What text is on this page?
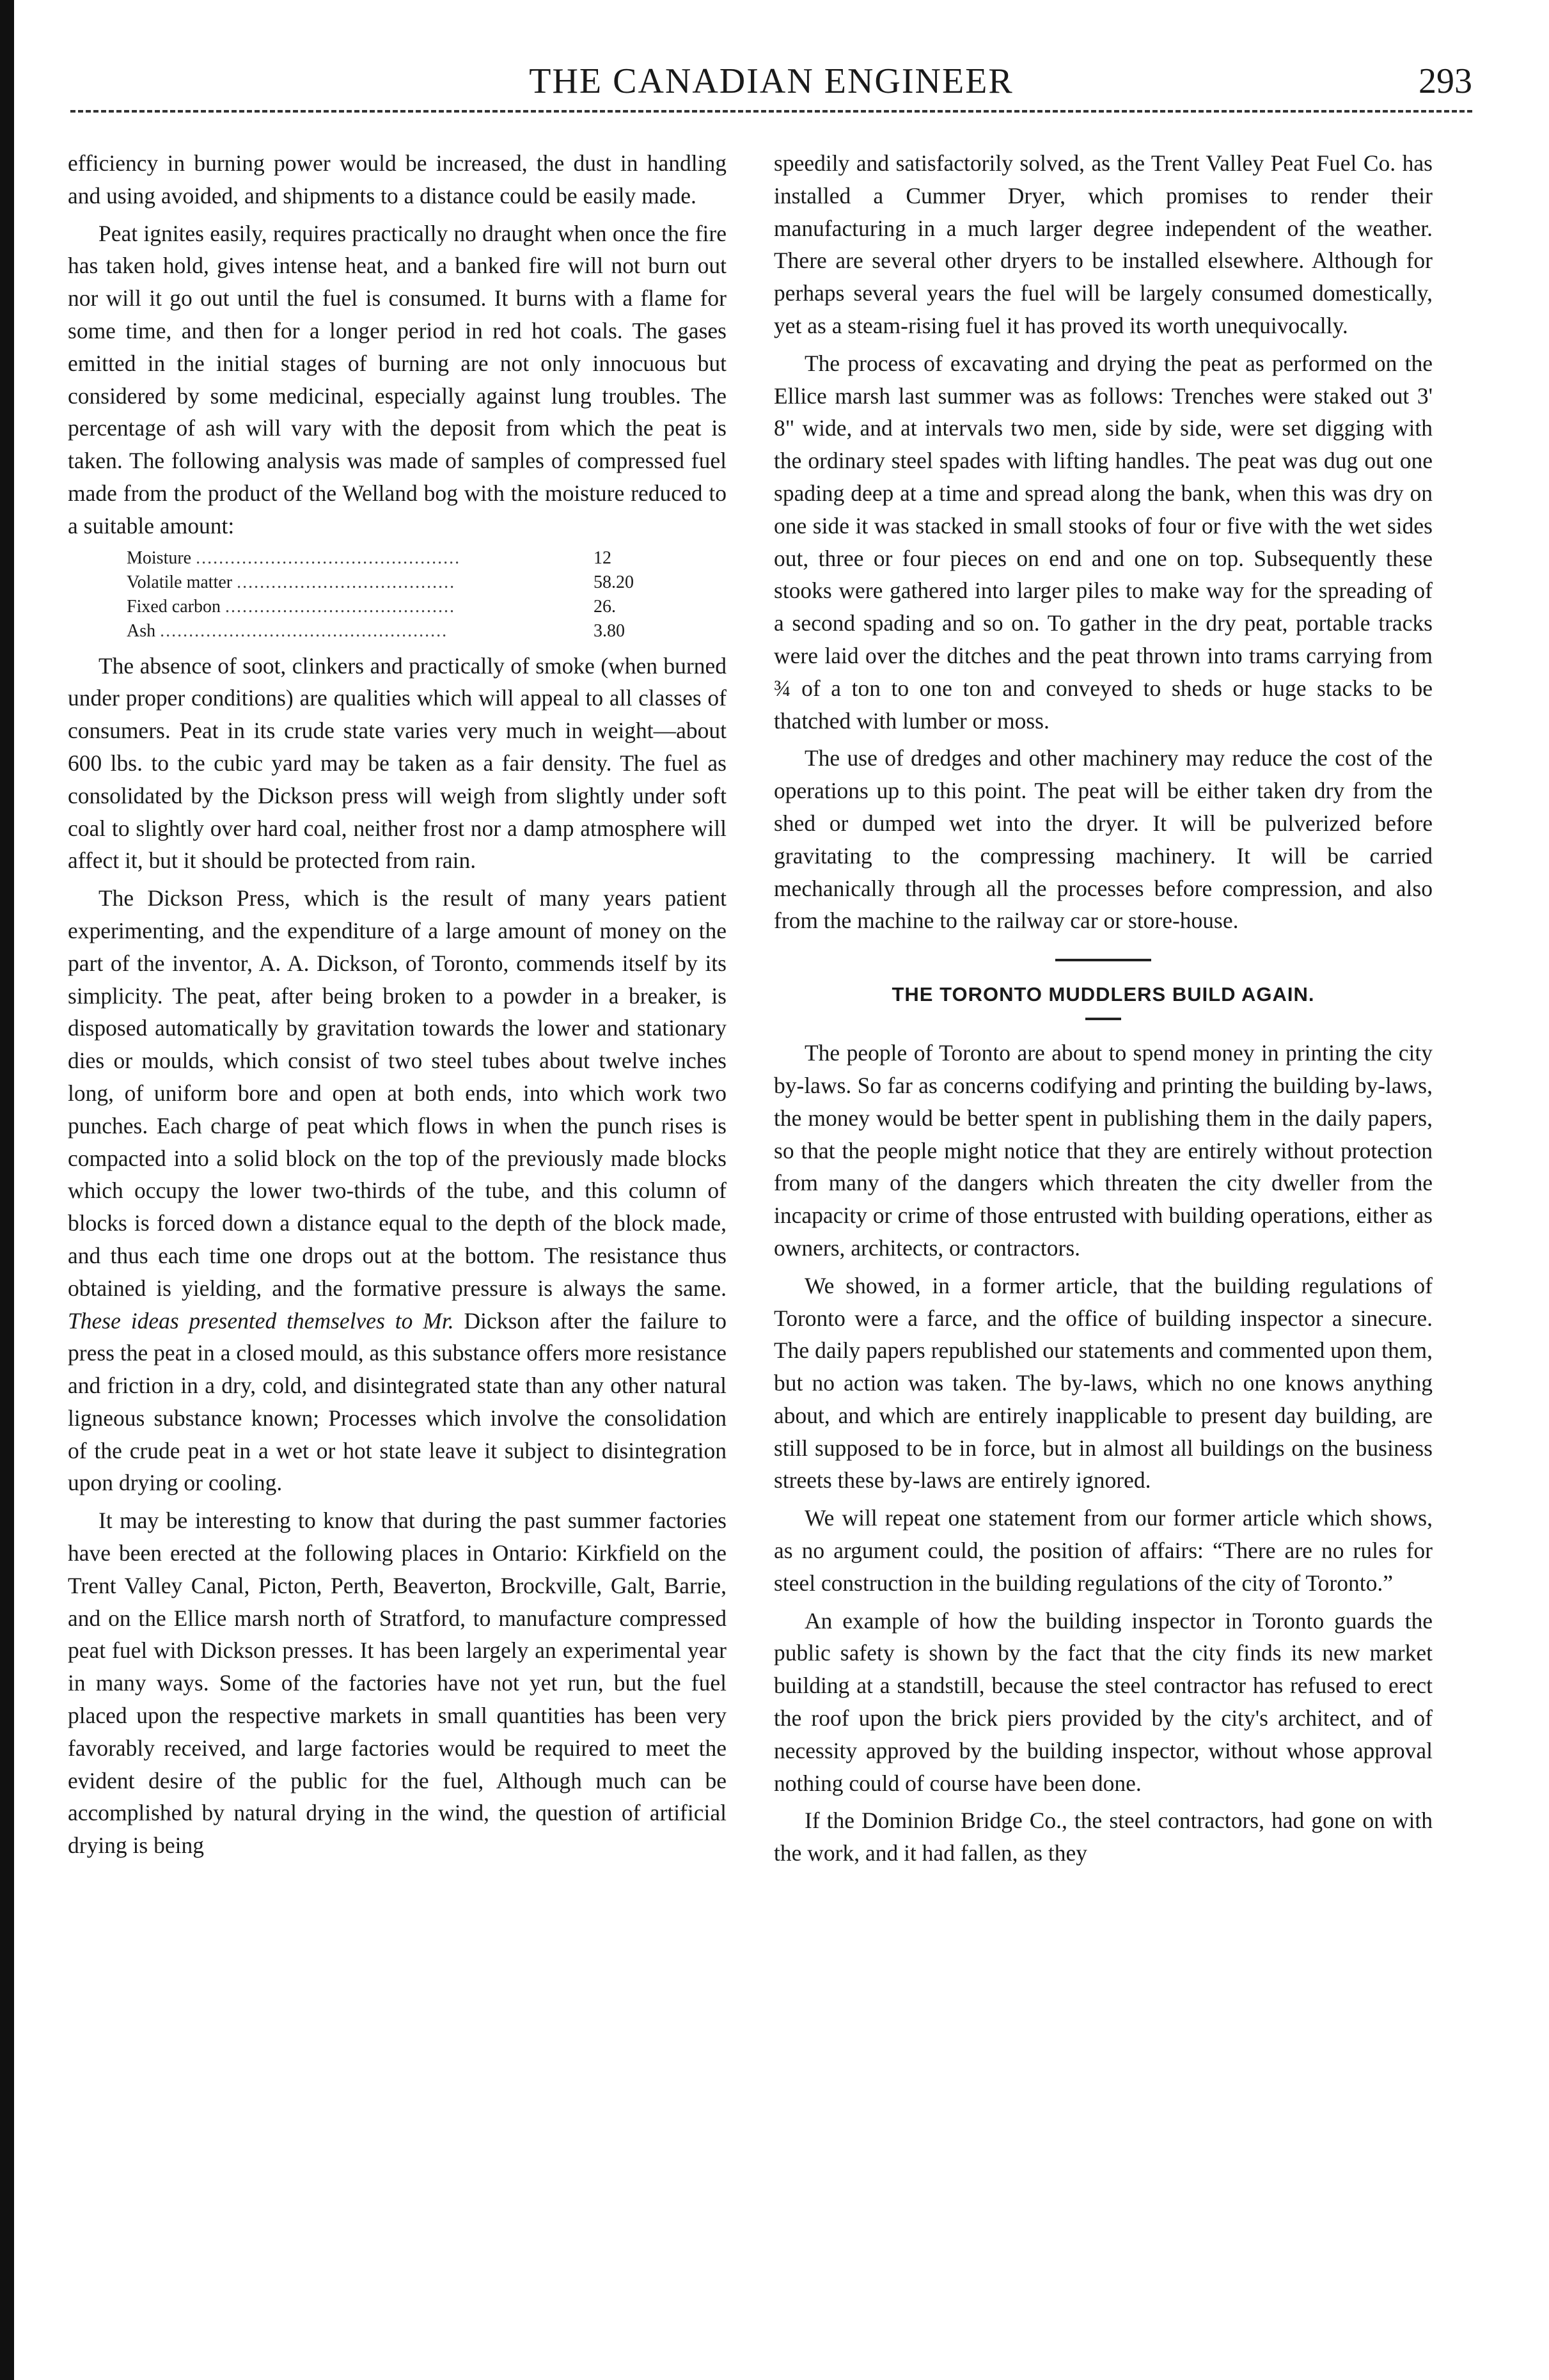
THE CANADIAN ENGINEER	293

efficiency in burning power would be increased, the dust in handling and using avoided, and shipments to a distance could be easily made.

Peat ignites easily, requires practically no draught when once the fire has taken hold, gives intense heat, and a banked fire will not burn out nor will it go out until the fuel is consumed. It burns with a flame for some time, and then for a longer period in red hot coals. The gases emitted in the initial stages of burning are not only innocuous but considered by some medicinal, especially against lung troubles. The percentage of ash will vary with the deposit from which the peat is taken. The following analysis was made of samples of compressed fuel made from the product of the Welland bog with the moisture reduced to a suitable amount:

Moisture ..............................................	12
Volatile matter ......................................	58.20
Fixed carbon ........................................	26.
Ash ..................................................	3.80

The absence of soot, clinkers and practically of smoke (when burned under proper conditions) are qualities which will appeal to all classes of consumers. Peat in its crude state varies very much in weight—about 600 lbs. to the cubic yard may be taken as a fair density. The fuel as consolidated by the Dickson press will weigh from slightly under soft coal to slightly over hard coal, neither frost nor a damp atmosphere will affect it, but it should be protected from rain.

The Dickson Press, which is the result of many years patient experimenting, and the expenditure of a large amount of money on the part of the inventor, A. A. Dickson, of Toronto, commends itself by its simplicity. The peat, after being broken to a powder in a breaker, is disposed automatically by gravitation towards the lower and stationary dies or moulds, which consist of two steel tubes about twelve inches long, of uniform bore and open at both ends, into which work two punches. Each charge of peat which flows in when the punch rises is compacted into a solid block on the top of the previously made blocks which occupy the lower two-thirds of the tube, and this column of blocks is forced down a distance equal to the depth of the block made, and thus each time one drops out at the bottom. The resistance thus obtained is yielding, and the formative pressure is always the same. These ideas presented themselves to Mr. Dickson after the failure to press the peat in a closed mould, as this substance offers more resistance and friction in a dry, cold, and disintegrated state than any other natural ligneous substance known; Processes which involve the consolidation of the crude peat in a wet or hot state leave it subject to disintegration upon drying or cooling.

It may be interesting to know that during the past summer factories have been erected at the following places in Ontario: Kirkfield on the Trent Valley Canal, Picton, Perth, Beaverton, Brockville, Galt, Barrie, and on the Ellice marsh north of Stratford, to manufacture compressed peat fuel with Dickson presses. It has been largely an experimental year in many ways. Some of the factories have not yet run, but the fuel placed upon the respective markets in small quantities has been very favorably received, and large factories would be required to meet the evident desire of the public for the fuel, Although much can be accomplished by natural drying in the wind, the question of artificial drying is being

speedily and satisfactorily solved, as the Trent Valley Peat Fuel Co. has installed a Cummer Dryer, which promises to render their manufacturing in a much larger degree independent of the weather. There are several other dryers to be installed elsewhere. Although for perhaps several years the fuel will be largely consumed domestically, yet as a steam-rising fuel it has proved its worth unequivocally.

The process of excavating and drying the peat as performed on the Ellice marsh last summer was as follows: Trenches were staked out 3' 8" wide, and at intervals two men, side by side, were set digging with the ordinary steel spades with lifting handles. The peat was dug out one spading deep at a time and spread along the bank, when this was dry on one side it was stacked in small stooks of four or five with the wet sides out, three or four pieces on end and one on top. Subsequently these stooks were gathered into larger piles to make way for the spreading of a second spading and so on. To gather in the dry peat, portable tracks were laid over the ditches and the peat thrown into trams carrying from ¾ of a ton to one ton and conveyed to sheds or huge stacks to be thatched with lumber or moss.

The use of dredges and other machinery may reduce the cost of the operations up to this point. The peat will be either taken dry from the shed or dumped wet into the dryer. It will be pulverized before gravitating to the compressing machinery. It will be carried mechanically through all the processes before compression, and also from the machine to the railway car or store-house.

THE TORONTO MUDDLERS BUILD AGAIN.

The people of Toronto are about to spend money in printing the city by-laws. So far as concerns codifying and printing the building by-laws, the money would be better spent in publishing them in the daily papers, so that the people might notice that they are entirely without protection from many of the dangers which threaten the city dweller from the incapacity or crime of those entrusted with building operations, either as owners, architects, or contractors.

We showed, in a former article, that the building regulations of Toronto were a farce, and the office of building inspector a sinecure. The daily papers republished our statements and commented upon them, but no action was taken. The by-laws, which no one knows anything about, and which are entirely inapplicable to present day building, are still supposed to be in force, but in almost all buildings on the business streets these by-laws are entirely ignored.

We will repeat one statement from our former article which shows, as no argument could, the position of affairs: “There are no rules for steel construction in the building regulations of the city of Toronto.”

An example of how the building inspector in Toronto guards the public safety is shown by the fact that the city finds its new market building at a standstill, because the steel contractor has refused to erect the roof upon the brick piers provided by the city's architect, and of necessity approved by the building inspector, without whose approval nothing could of course have been done.

If the Dominion Bridge Co., the steel contractors, had gone on with the work, and it had fallen, as they
